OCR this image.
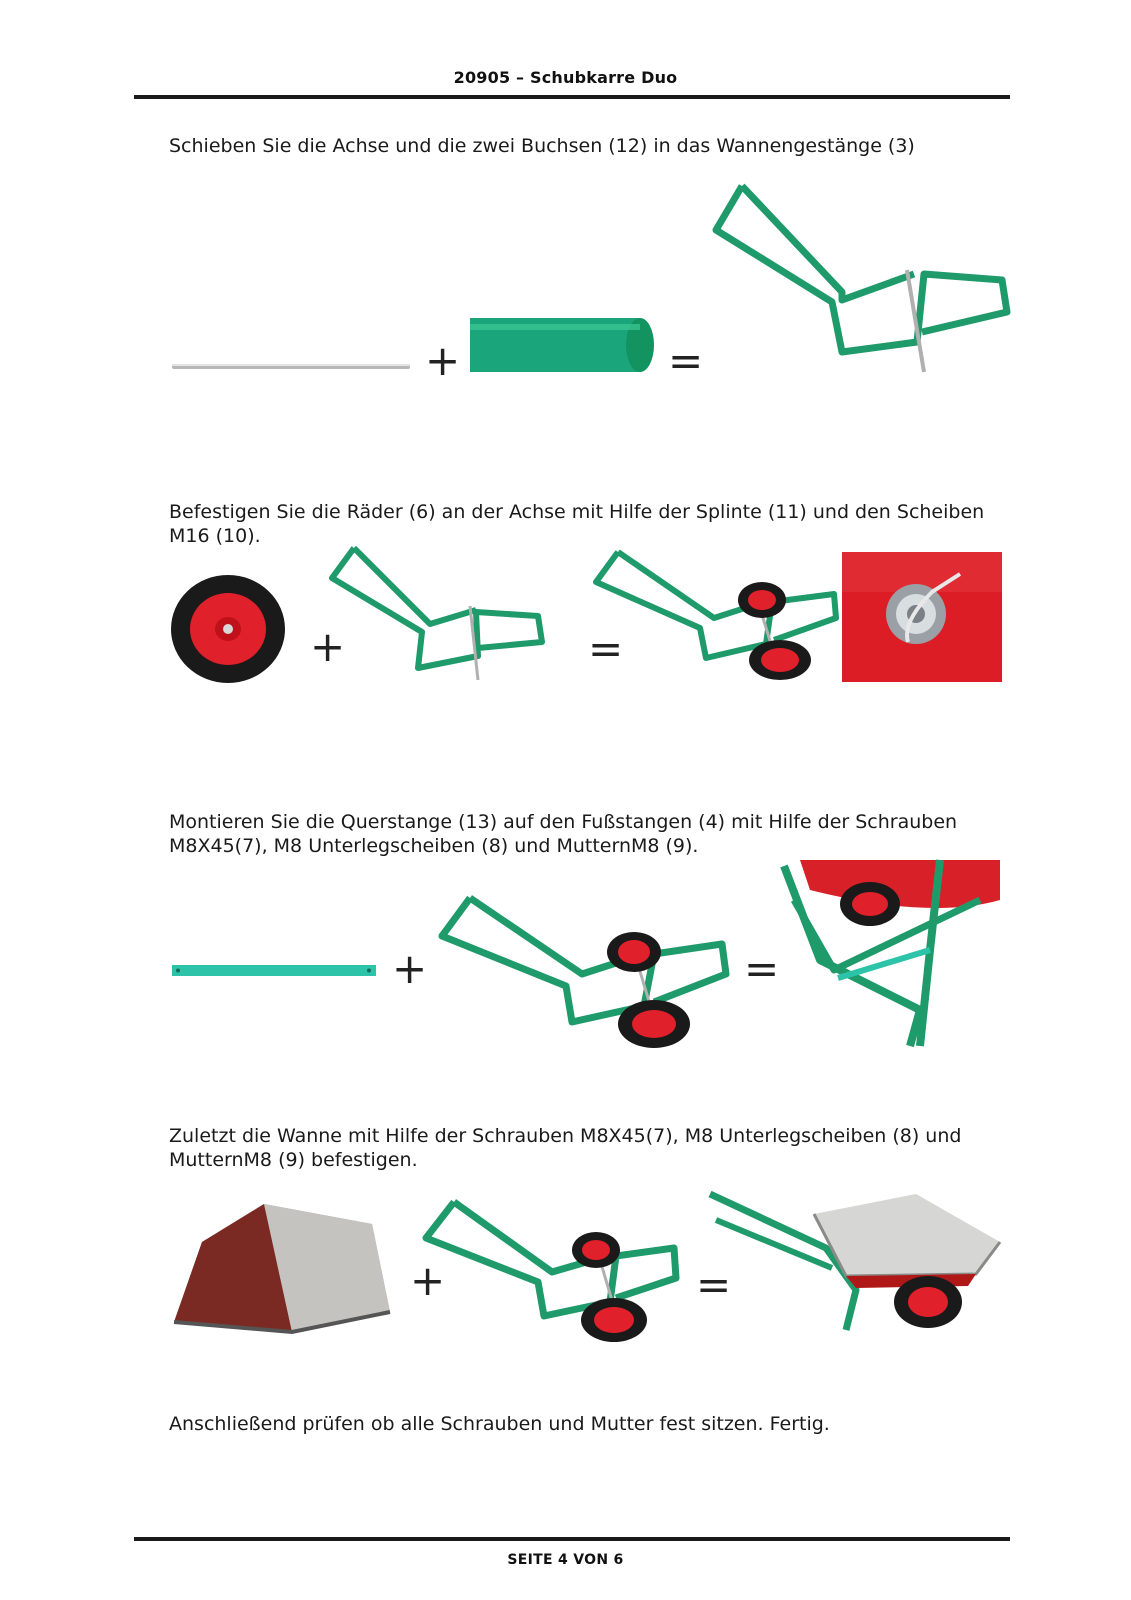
20905 – Schubkarre Duo
Schieben Sie die Achse und die zwei Buchsen (12) in das Wannengestänge (3)
+	=
Befestigen Sie die Räder (6) an der Achse mit Hilfe der Splinte (11) und den Scheiben M16 (10).
+	=
Montieren Sie die Querstange (13) auf den Fußstangen (4) mit Hilfe der Schrauben M8X45(7), M8 Unterlegscheiben (8) und MutternM8 (9).
+	=
Zuletzt die Wanne mit Hilfe der Schrauben M8X45(7), M8 Unterlegscheiben (8) und MutternM8 (9) befestigen.
+	=
Anschließend prüfen ob alle Schrauben und Mutter fest sitzen. Fertig.
SEITE 4 VON 6
